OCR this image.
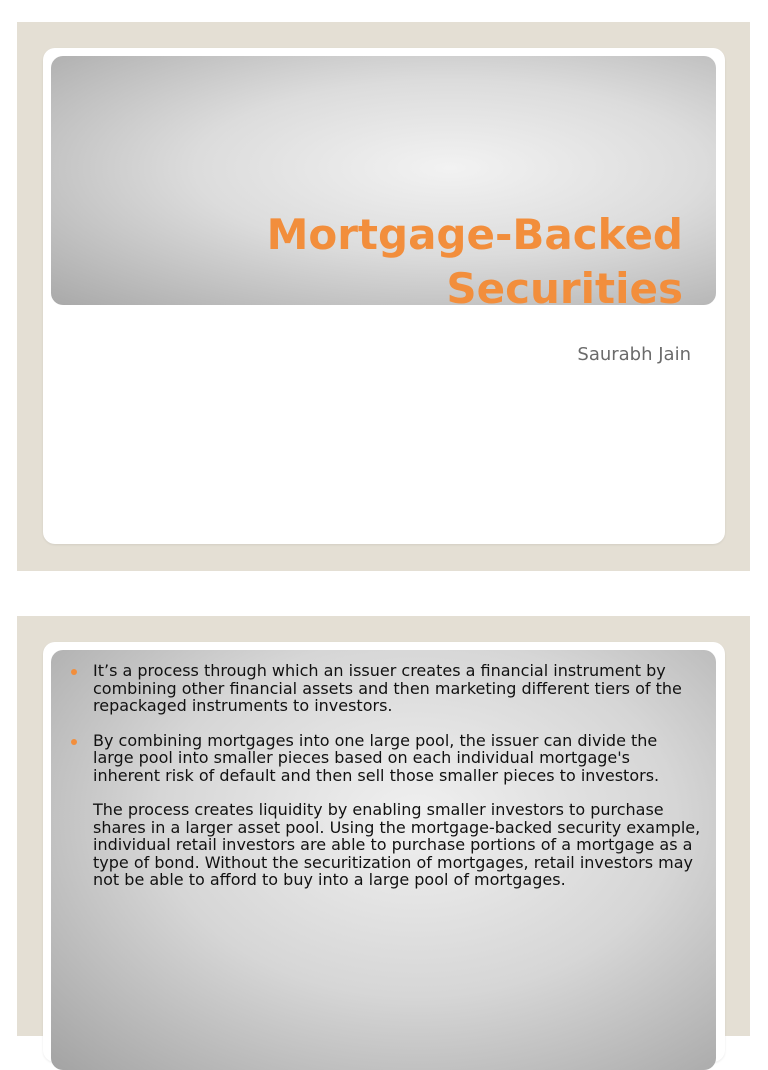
Mortgage-Backed
Securities
Saurabh Jain
It’s a process through which an issuer creates a financial instrument by combining other financial assets and then marketing different tiers of the repackaged instruments to investors.
By combining mortgages into one large pool, the issuer can divide the large pool into smaller pieces based on each individual mortgage's inherent risk of default and then sell those smaller pieces to investors.
The process creates liquidity by enabling smaller investors to purchase shares in a larger asset pool. Using the mortgage-backed security example, individual retail investors are able to purchase portions of a mortgage as a type of bond. Without the securitization of mortgages, retail investors may not be able to afford to buy into a large pool of mortgages.
